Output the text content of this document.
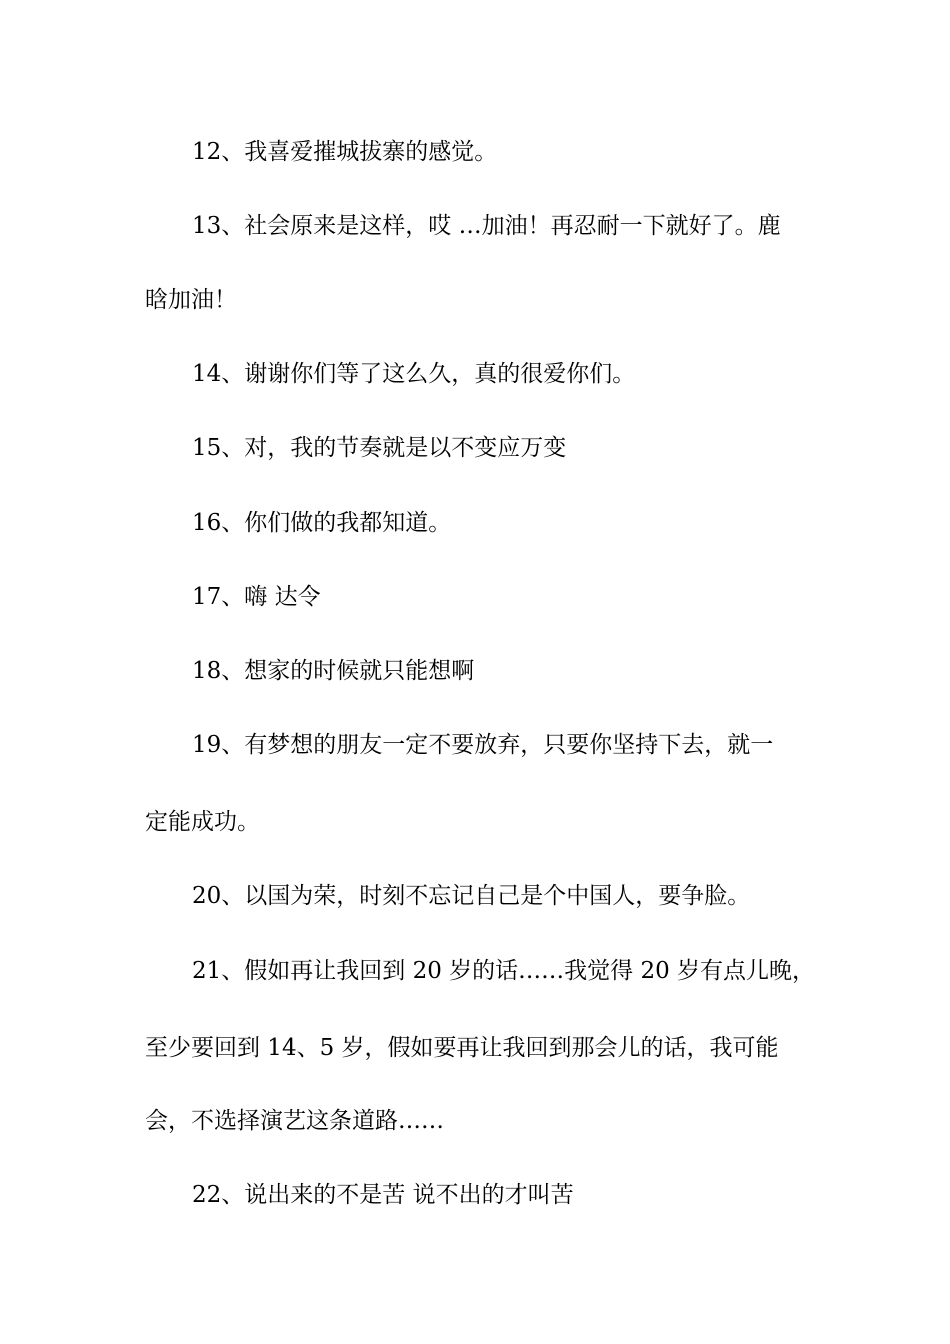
12、我喜爱摧城拔寨的感觉。
13、社会原来是这样，哎 …加油！再忍耐一下就好了。鹿
晗加油！
14、谢谢你们等了这么久，真的很爱你们。
15、对，我的节奏就是以不变应万变
16、你们做的我都知道。
17、嗨 达令
18、想家的时候就只能想啊
19、有梦想的朋友一定不要放弃，只要你坚持下去，就一
定能成功。
20、以国为荣，时刻不忘记自己是个中国人，要争脸。
21、假如再让我回到 20 岁的话……我觉得 20 岁有点儿晚，
至少要回到 14、5 岁，假如要再让我回到那会儿的话，我可能
会，不选择演艺这条道路……
22、说出来的不是苦 说不出的才叫苦
